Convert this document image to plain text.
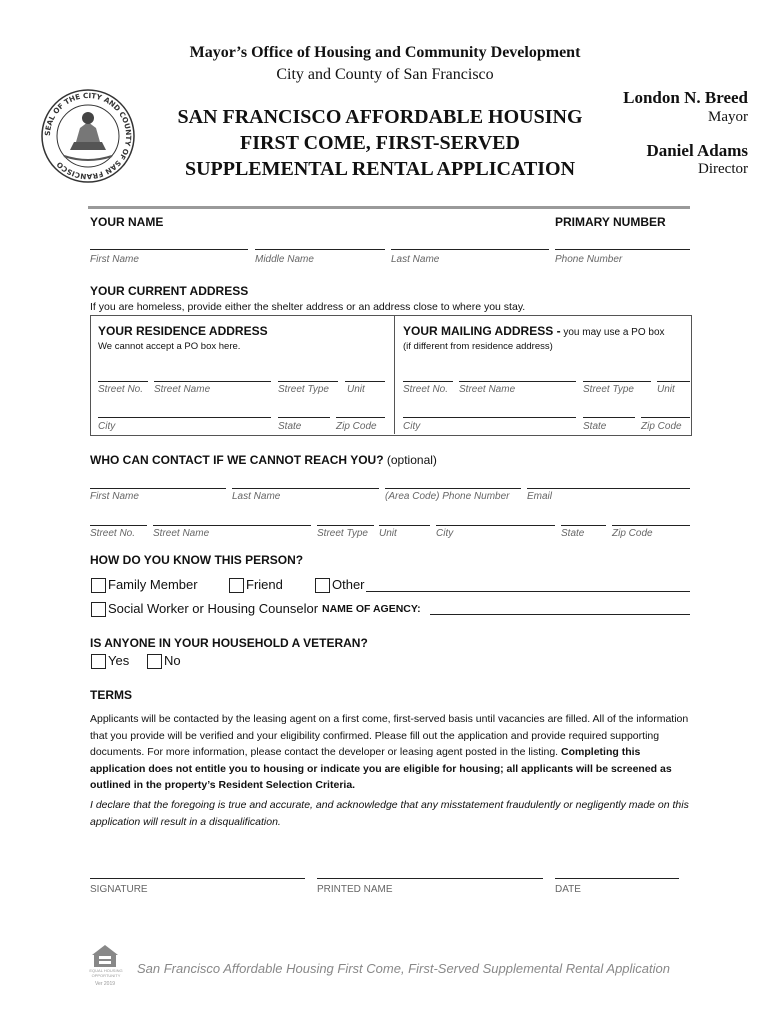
Mayor’s Office of Housing and Community Development
City and County of San Francisco
SEAL OF THE CITY AND COUNTY OF SAN FRANCISCO
SAN FRANCISCO AFFORDABLE HOUSING
FIRST COME, FIRST-SERVED
SUPPLEMENTAL RENTAL APPLICATION
London N. Breed
Mayor
Daniel Adams
Director
YOUR NAME	PRIMARY NUMBER
First Name	Middle Name	Last Name	Phone Number
YOUR CURRENT ADDRESS
If you are homeless, provide either the shelter address or an address close to where you stay.
YOUR RESIDENCE ADDRESS
We cannot accept a PO box here.
YOUR MAILING ADDRESS - you may use a PO box
(if different from residence address)
Street No. Street Name	Street Type Unit
City	State	Zip Code
Street No. Street Name	Street Type Unit
City	State	Zip Code
WHO CAN CONTACT IF WE CANNOT REACH YOU? (optional)
First Name	Last Name	(Area Code) Phone Number Email
Street No. Street Name	Street Type Unit	City	State	Zip Code
HOW DO YOU KNOW THIS PERSON?
Family Member	Friend	Other
Social Worker or Housing Counselor NAME OF AGENCY:
IS ANYONE IN YOUR HOUSEHOLD A VETERAN?
Yes	No
TERMS
Applicants will be contacted by the leasing agent on a first come, first-served basis until vacancies are filled. All of the information that you provide will be verified and your eligibility confirmed. Please fill out the application and provide required supporting documents. For more information, please contact the developer or leasing agent posted in the listing. Completing this application does not entitle you to housing or indicate you are eligible for housing; all applicants will be screened as outlined in the property’s Resident Selection Criteria.
I declare that the foregoing is true and accurate, and acknowledge that any misstatement fraudulently or negligently made on this application will result in a disqualification.
SIGNATURE	PRINTED NAME	DATE
EQUAL HOUSING OPPORTUNITY
Ver 2019
San Francisco Affordable Housing First Come, First-Served Supplemental Rental Application
